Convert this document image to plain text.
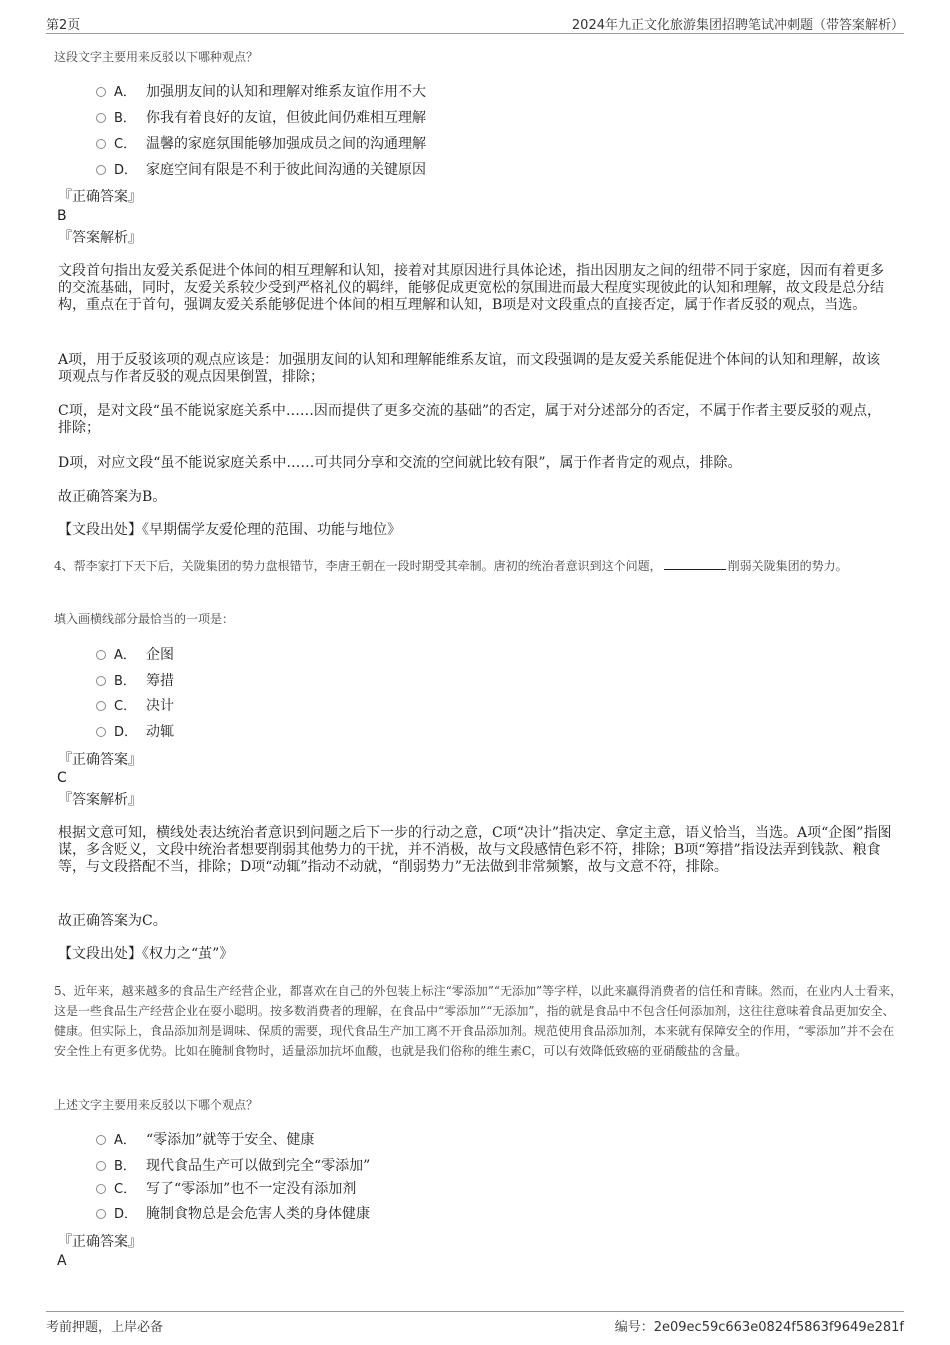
第2页	2024年九正文化旅游集团招聘笔试冲刺题（带答案解析）
这段文字主要用来反驳以下哪种观点？
A． 加强朋友间的认知和理解对维系友谊作用不大
B． 你我有着良好的友谊，但彼此间仍难相互理解
C． 温馨的家庭氛围能够加强成员之间的沟通理解
D． 家庭空间有限是不利于彼此间沟通的关键原因
『正确答案』
B
『答案解析』
文段首句指出友爱关系促进个体间的相互理解和认知，接着对其原因进行具体论述，指出因朋友之间的纽带不同于家庭，因而有着更多的交流基础，同时，友爱关系较少受到严格礼仪的羁绊，能够促成更宽松的氛围进而最大程度实现彼此的认知和理解，故文段是总分结构，重点在于首句，强调友爱关系能够促进个体间的相互理解和认知，B项是对文段重点的直接否定，属于作者反驳的观点，当选。
A项，用于反驳该项的观点应该是：加强朋友间的认知和理解能维系友谊，而文段强调的是友爱关系能促进个体间的认知和理解，故该项观点与作者反驳的观点因果倒置，排除；
C项，是对文段“虽不能说家庭关系中……因而提供了更多交流的基础”的否定，属于对分述部分的否定，不属于作者主要反驳的观点，排除；
D项，对应文段“虽不能说家庭关系中……可共同分享和交流的空间就比较有限”，属于作者肯定的观点，排除。
故正确答案为B。
【文段出处】《早期儒学友爱伦理的范围、功能与地位》
4、帮李家打下天下后，关陇集团的势力盘根错节，李唐王朝在一段时期受其牵制。唐初的统治者意识到这个问题，	削弱关陇集团的势力。
填入画横线部分最恰当的一项是：
A． 企图
B． 筹措
C． 决计
D． 动辄
『正确答案』
C
『答案解析』
根据文意可知，横线处表达统治者意识到问题之后下一步的行动之意，C项“决计”指决定、拿定主意，语义恰当，当选。A项“企图”指图谋，多含贬义，文段中统治者想要削弱其他势力的干扰，并不消极，故与文段感情色彩不符，排除；B项“筹措”指设法弄到钱款、粮食等，与文段搭配不当，排除；D项“动辄”指动不动就，“削弱势力”无法做到非常频繁，故与文意不符，排除。
故正确答案为C。
【文段出处】《权力之“茧”》
5、近年来，越来越多的食品生产经营企业，都喜欢在自己的外包装上标注“零添加”“无添加”等字样，以此来赢得消费者的信任和青睐。然而，在业内人士看来，这是一些食品生产经营企业在耍小聪明。按多数消费者的理解，在食品中“零添加”“无添加”，指的就是食品中不包含任何添加剂，这往往意味着食品更加安全、健康。但实际上，食品添加剂是调味、保质的需要，现代食品生产加工离不开食品添加剂。规范使用食品添加剂，本来就有保障安全的作用，“零添加”并不会在安全性上有更多优势。比如在腌制食物时，适量添加抗坏血酸，也就是我们俗称的维生素C，可以有效降低致癌的亚硝酸盐的含量。
上述文字主要用来反驳以下哪个观点？
A． “零添加”就等于安全、健康
B． 现代食品生产可以做到完全“零添加”
C． 写了“零添加”也不一定没有添加剂
D． 腌制食物总是会危害人类的身体健康
『正确答案』
A
考前押题，上岸必备	编号：2e09ec59c663e0824f5863f9649e281f
